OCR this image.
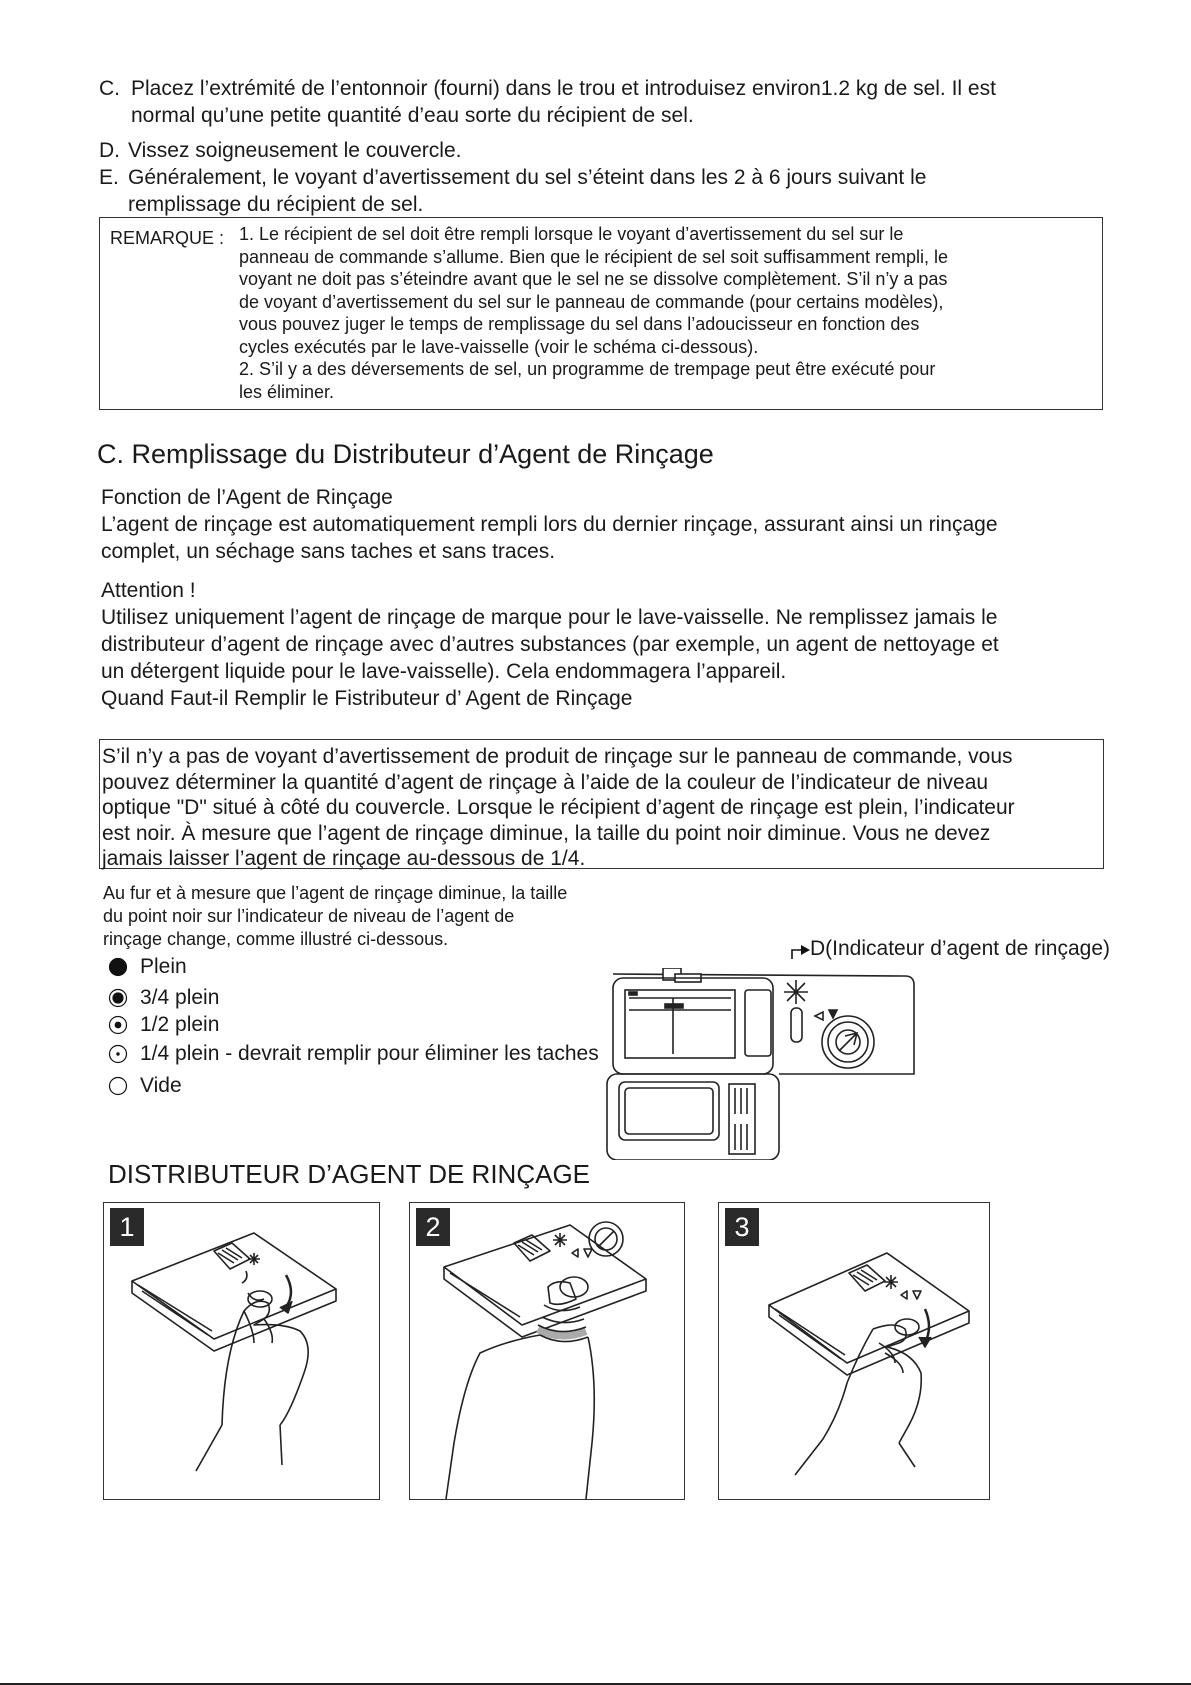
C. Placez l’extrémité de l’entonnoir (fourni) dans le trou et introduisez environ1.2 kg de sel. Il est
normal qu’une petite quantité d’eau sorte du récipient de sel.
D. Vissez soigneusement le couvercle.
E. Généralement, le voyant d’avertissement du sel s’éteint dans les 2 à 6 jours suivant le
remplissage du récipient de sel.
REMARQUE : 1. Le récipient de sel doit être rempli lorsque le voyant d’avertissement du sel sur le
panneau de commande s’allume. Bien que le récipient de sel soit suffisamment rempli, le
voyant ne doit pas s’éteindre avant que le sel ne se dissolve complètement. S’il n’y a pas
de voyant d’avertissement du sel sur le panneau de commande (pour certains modèles),
vous pouvez juger le temps de remplissage du sel dans l’adoucisseur en fonction des
cycles exécutés par le lave-vaisselle (voir le schéma ci-dessous).
2. S’il y a des déversements de sel, un programme de trempage peut être exécuté pour
les éliminer.
C. Remplissage du Distributeur d’Agent de Rinçage
Fonction de l’Agent de Rinçage
L’agent de rinçage est automatiquement rempli lors du dernier rinçage, assurant ainsi un rinçage
complet, un séchage sans taches et sans traces.
Attention !
Utilisez uniquement l’agent de rinçage de marque pour le lave-vaisselle. Ne remplissez jamais le
distributeur d’agent de rinçage avec d’autres substances (par exemple, un agent de nettoyage et
un détergent liquide pour le lave-vaisselle). Cela endommagera l’appareil.
Quand Faut-il Remplir le Fistributeur d’ Agent de Rinçage
S’il n’y a pas de voyant d’avertissement de produit de rinçage sur le panneau de commande, vous
pouvez déterminer la quantité d’agent de rinçage à l’aide de la couleur de l’indicateur de niveau
optique "D" situé à côté du couvercle. Lorsque le récipient d’agent de rinçage est plein, l’indicateur
est noir. À mesure que l’agent de rinçage diminue, la taille du point noir diminue. Vous ne devez
jamais laisser l’agent de rinçage au-dessous de 1/4.
Au fur et à mesure que l’agent de rinçage diminue, la taille
du point noir sur l’indicateur de niveau de l’agent de
rinçage change, comme illustré ci-dessous.
Plein
3/4 plein
1/2 plein
1/4 plein - devrait remplir pour éliminer les taches
Vide
D(Indicateur d’agent de rinçage)
DISTRIBUTEUR D’AGENT DE RINÇAGE
1	2	3
